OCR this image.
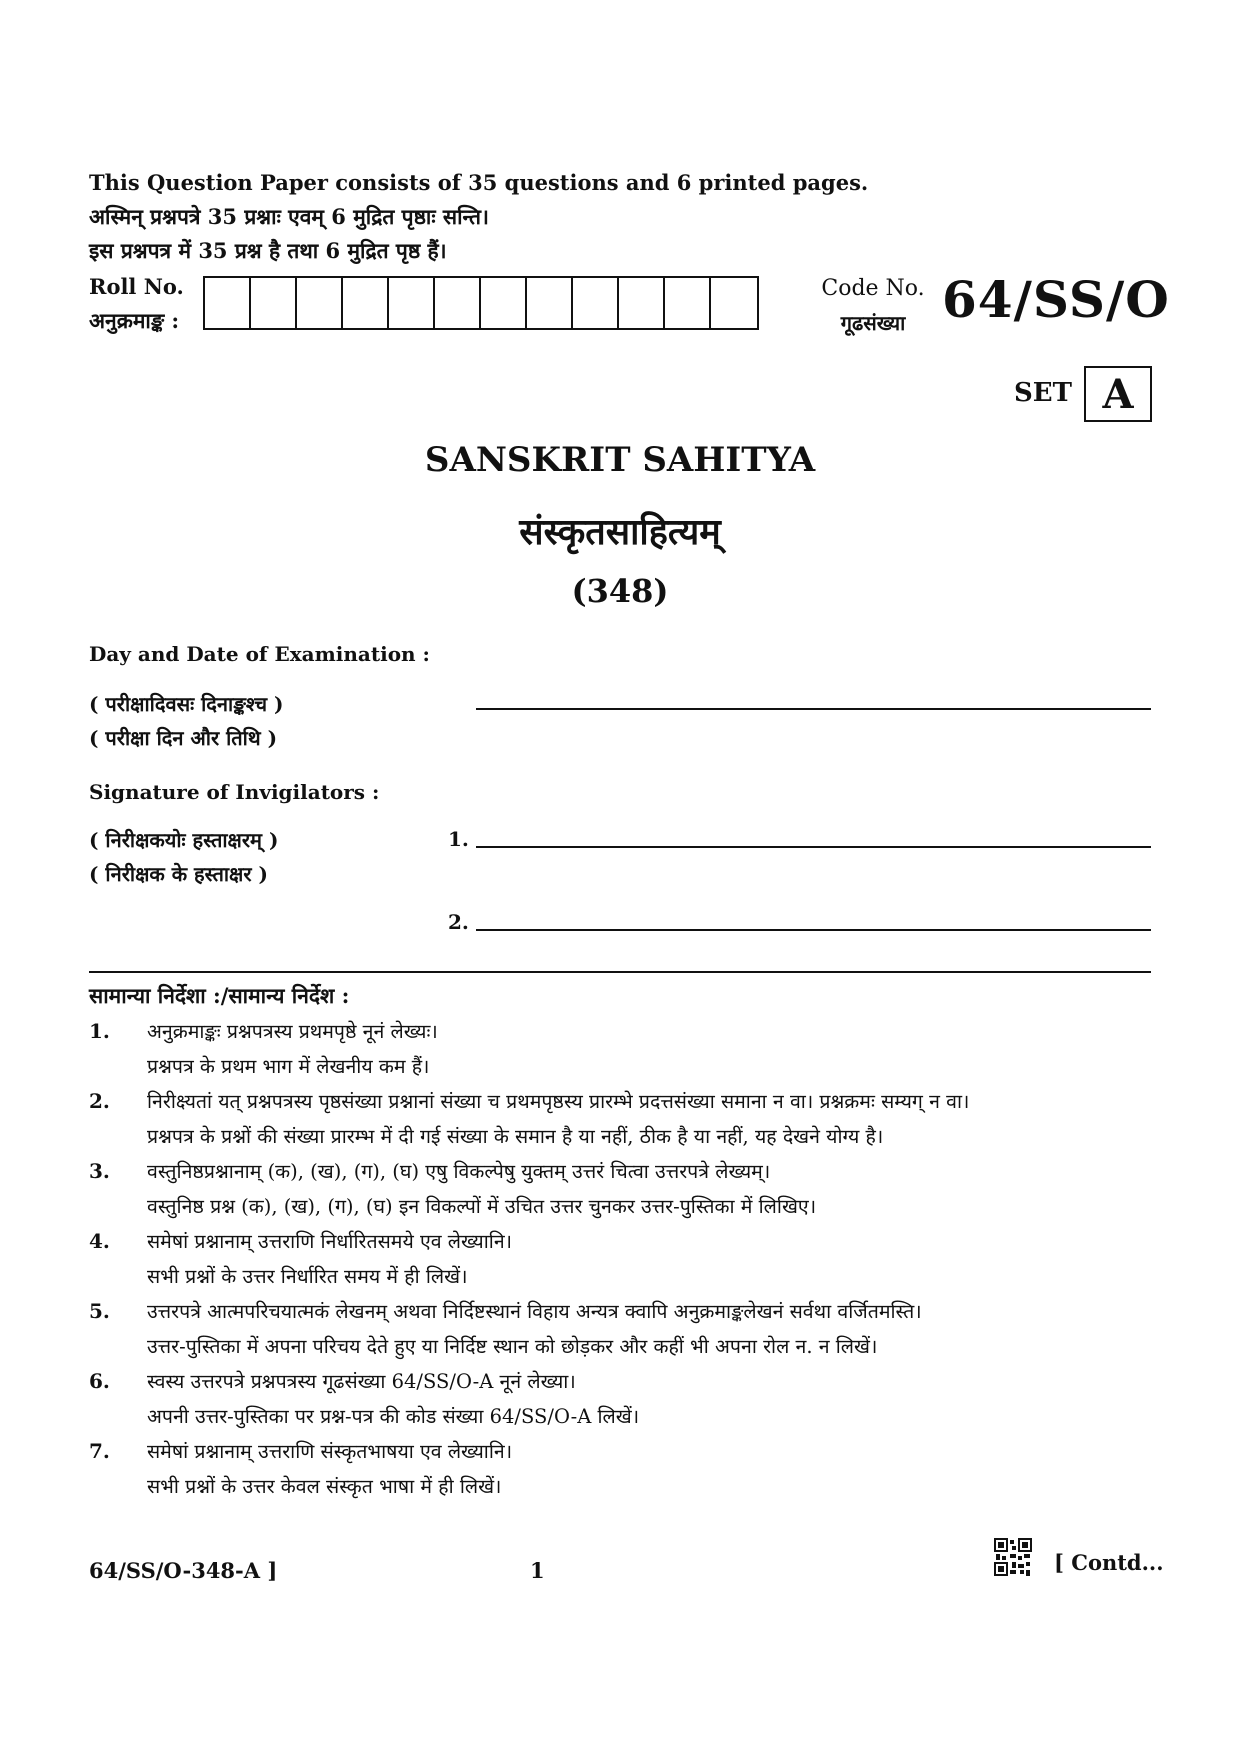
This Question Paper consists of 35 questions and 6 printed pages.
अस्मिन् प्रश्नपत्रे 35 प्रश्नाः एवम् 6 मुद्रित पृष्ठाः सन्ति।
इस प्रश्नपत्र में 35 प्रश्न है तथा 6 मुद्रित पृष्ठ हैं।
Roll No.
अनुक्रमाङ्क :
Code No.
गूढसंख्या 64/SS/O
SET A
SANSKRIT SAHITYA
संस्कृतसाहित्यम्
(348)
Day and Date of Examination :
( परीक्षादिवसः दिनाङ्कश्च )
( परीक्षा दिन और तिथि )
Signature of Invigilators :
( निरीक्षकयोः हस्ताक्षरम् )
( निरीक्षक के हस्ताक्षर )
1.
2.
सामान्या निर्देशा :/सामान्य निर्देश :
1.	अनुक्रमाङ्कः प्रश्नपत्रस्य प्रथमपृष्ठे नूनं लेख्यः।
प्रश्नपत्र के प्रथम भाग में लेखनीय कम हैं।
2.	निरीक्ष्यतां यत् प्रश्नपत्रस्य पृष्ठसंख्या प्रश्नानां संख्या च प्रथमपृष्ठस्य प्रारम्भे प्रदत्तसंख्या समाना न वा। प्रश्नक्रमः सम्यग् न वा।
प्रश्नपत्र के प्रश्नों की संख्या प्रारम्भ में दी गई संख्या के समान है या नहीं, ठीक है या नहीं, यह देखने योग्य है।
3.	वस्तुनिष्ठप्रश्नानाम् (क), (ख), (ग), (घ) एषु विकल्पेषु युक्तम् उत्तरं चित्वा उत्तरपत्रे लेख्यम्।
वस्तुनिष्ठ प्रश्न (क), (ख), (ग), (घ) इन विकल्पों में उचित उत्तर चुनकर उत्तर-पुस्तिका में लिखिए।
4.	समेषां प्रश्नानाम् उत्तराणि निर्धारितसमये एव लेख्यानि।
सभी प्रश्नों के उत्तर निर्धारित समय में ही लिखें।
5.	उत्तरपत्रे आत्मपरिचयात्मकं लेखनम् अथवा निर्दिष्टस्थानं विहाय अन्यत्र क्वापि अनुक्रमाङ्कलेखनं सर्वथा वर्जितमस्ति।
उत्तर-पुस्तिका में अपना परिचय देते हुए या निर्दिष्ट स्थान को छोड़कर और कहीं भी अपना रोल न. न लिखें।
6.	स्वस्य उत्तरपत्रे प्रश्नपत्रस्य गूढसंख्या 64/SS/O-A नूनं लेख्या।
अपनी उत्तर-पुस्तिका पर प्रश्न-पत्र की कोड संख्या 64/SS/O-A लिखें।
7.	समेषां प्रश्नानाम् उत्तराणि संस्कृतभाषया एव लेख्यानि।
सभी प्रश्नों के उत्तर केवल संस्कृत भाषा में ही लिखें।
64/SS/O-348-A ]	1	[ Contd...
